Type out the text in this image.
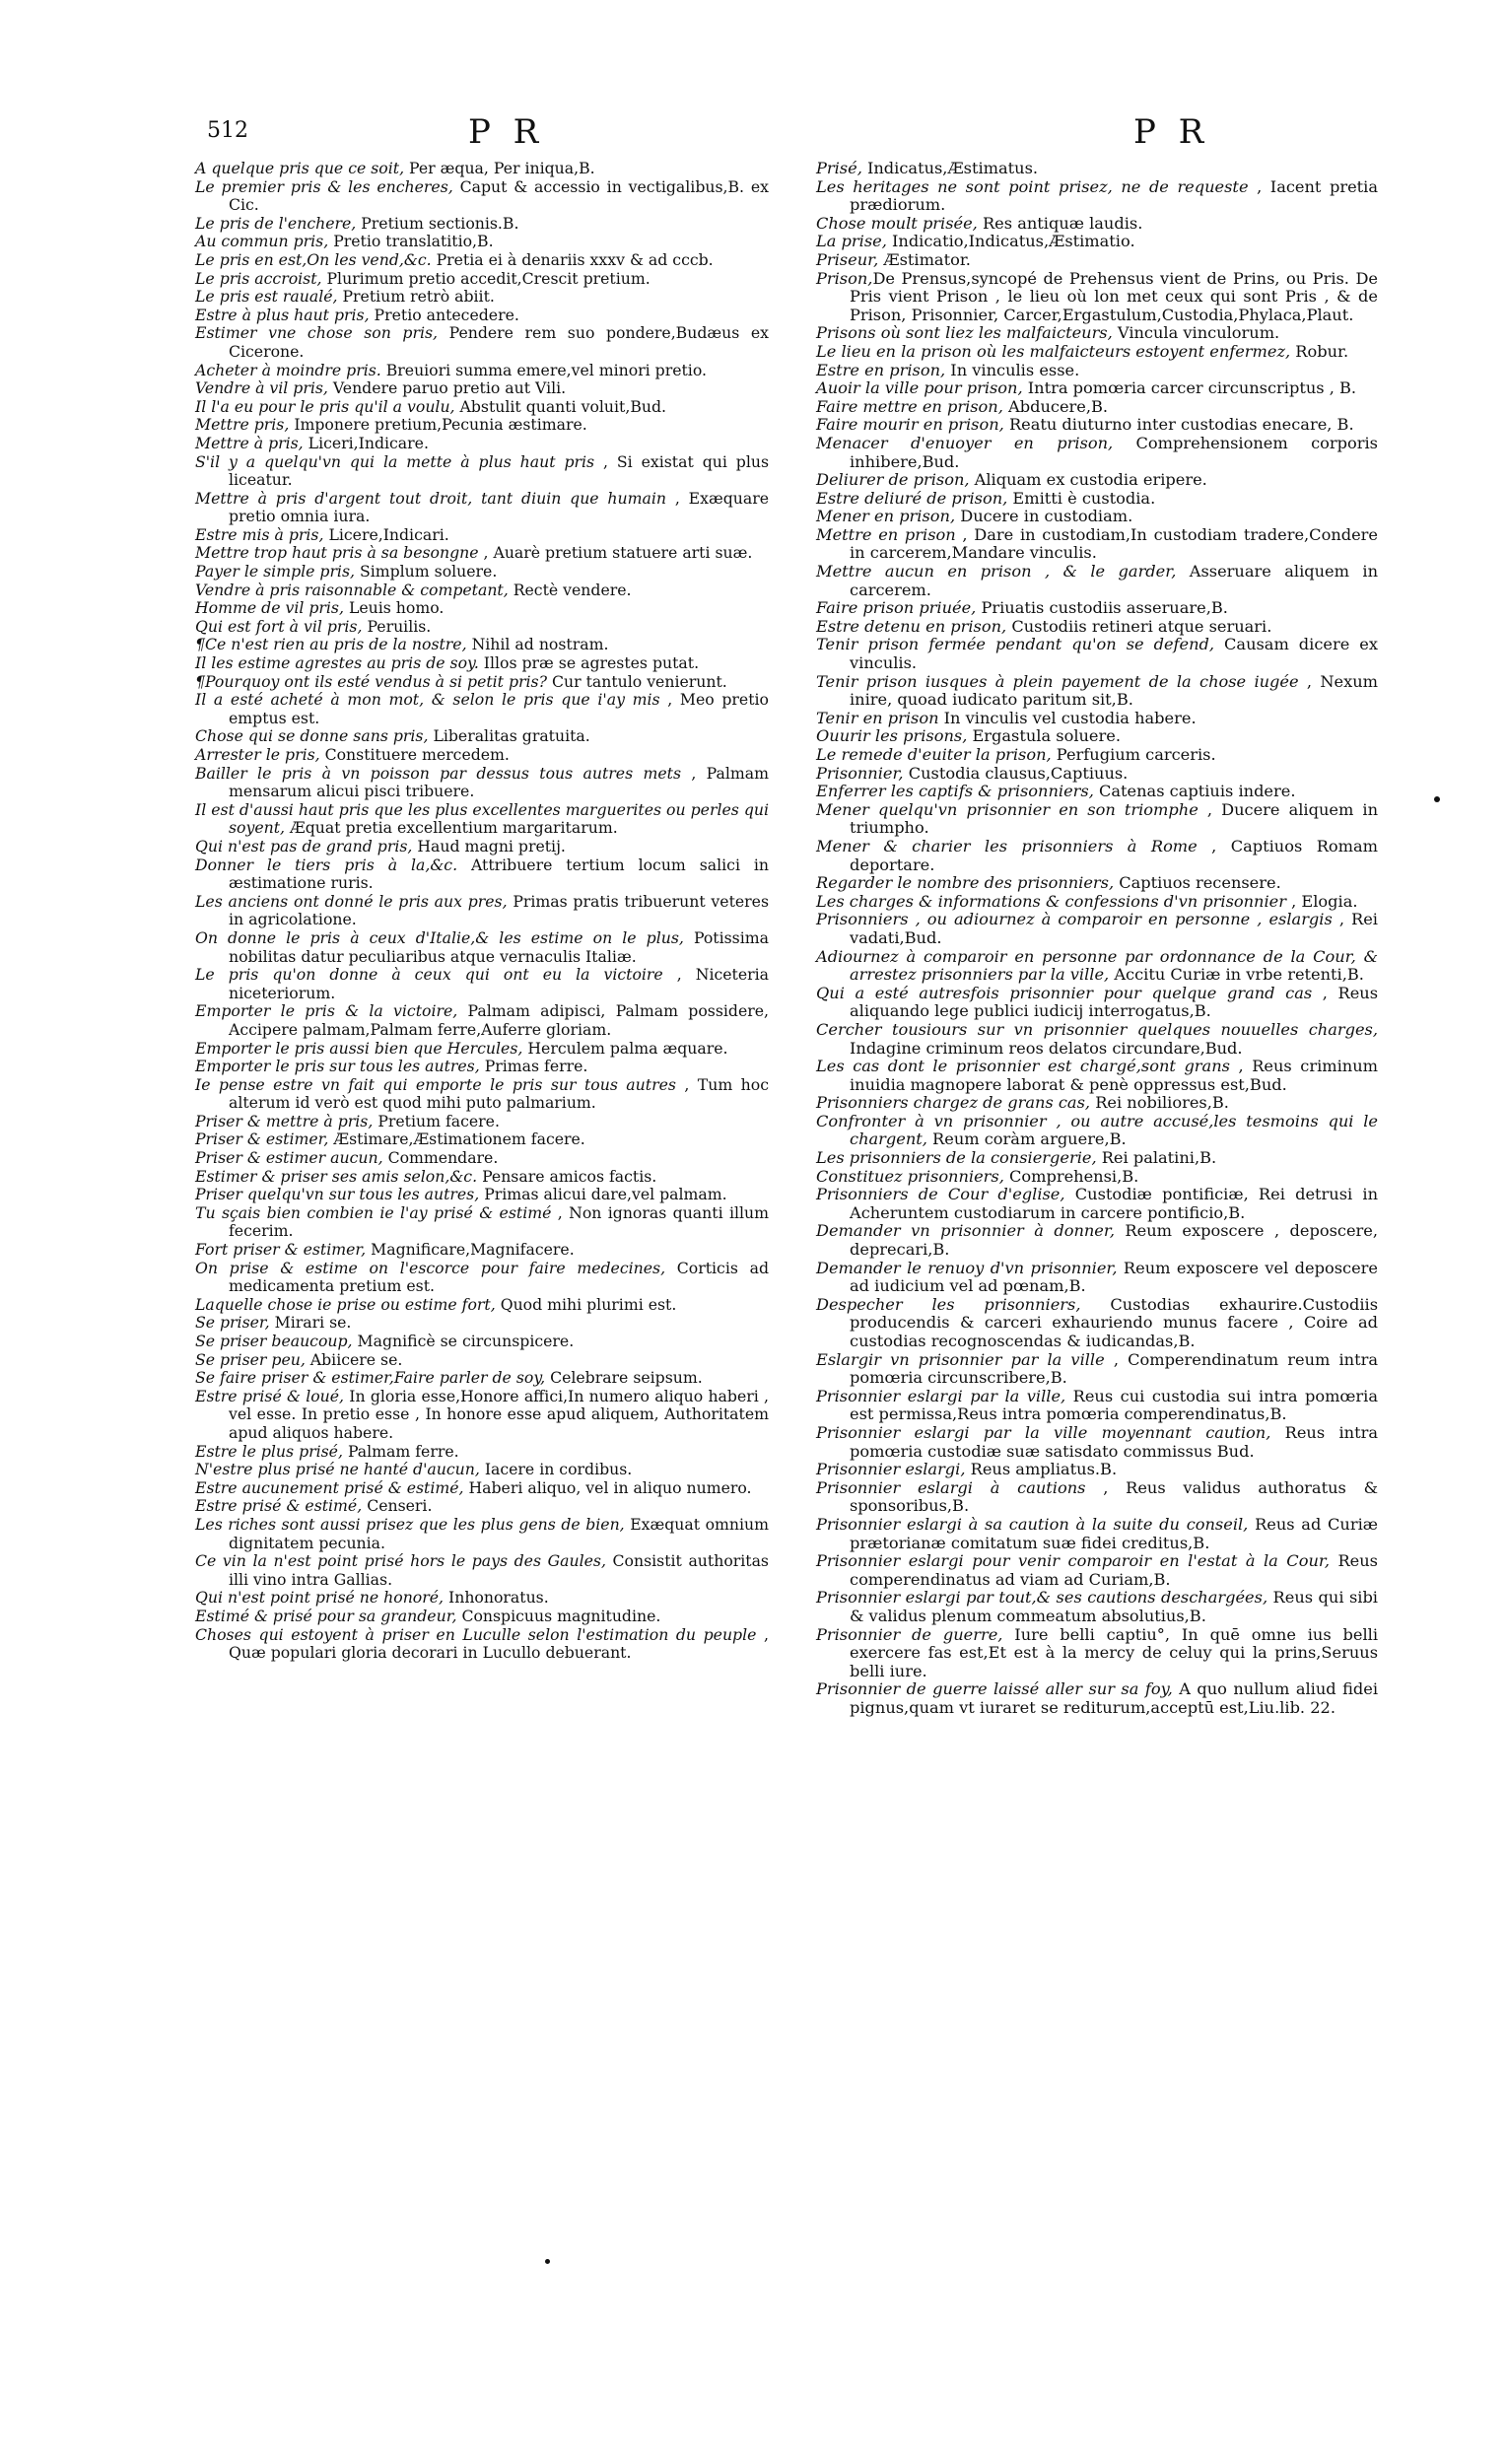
512	P R	P R

A quelque pris que ce soit, Per æqua, Per iniqua,B.

Le premier pris & les encheres, Caput & accessio in vectigalibus,B. ex Cic.

Le pris de l'enchere, Pretium sectionis.B.

Au commun pris, Pretio translatitio,B.

Le pris en est,On les vend,&c. Pretia ei à denariis xxxv & ad cccb.

Le pris accroist, Plurimum pretio accedit,Crescit pretium.

Le pris est raualé, Pretium retrò abiit.

Estre à plus haut pris, Pretio antecedere.

Estimer vne chose son pris, Pendere rem suo pondere,Budæus ex Cicerone.

Acheter à moindre pris. Breuiori summa emere,vel minori pretio.

Vendre à vil pris, Vendere paruo pretio aut Vili.

Il l'a eu pour le pris qu'il a voulu, Abstulit quanti voluit,Bud.

Mettre pris, Imponere pretium,Pecunia æstimare.

Mettre à pris, Liceri,Indicare.

S'il y a quelqu'vn qui la mette à plus haut pris , Si existat qui plus liceatur.

Mettre à pris d'argent tout droit, tant diuin que humain , Exæquare pretio omnia iura.

Estre mis à pris, Licere,Indicari.

Mettre trop haut pris à sa besongne , Auarè pretium statuere arti suæ.

Payer le simple pris, Simplum soluere.

Vendre à pris raisonnable & competant, Rectè vendere.

Homme de vil pris, Leuis homo.

Qui est fort à vil pris, Peruilis.

¶Ce n'est rien au pris de la nostre, Nihil ad nostram.

Il les estime agrestes au pris de soy. Illos præ se agrestes putat.

¶Pourquoy ont ils esté vendus à si petit pris? Cur tantulo venierunt.

Il a esté acheté à mon mot, & selon le pris que i'ay mis , Meo pretio emptus est.

Chose qui se donne sans pris, Liberalitas gratuita.

Arrester le pris, Constituere mercedem.

Bailler le pris à vn poisson par dessus tous autres mets , Palmam mensarum alicui pisci tribuere.

Il est d'aussi haut pris que les plus excellentes marguerites ou perles qui soyent, Æquat pretia excellentium margaritarum.

Qui n'est pas de grand pris, Haud magni pretij.

Donner le tiers pris à la,&c. Attribuere tertium locum salici in æstimatione ruris.

Les anciens ont donné le pris aux pres, Primas pratis tribuerunt veteres in agricolatione.

On donne le pris à ceux d'Italie,& les estime on le plus, Potissima nobilitas datur peculiaribus atque vernaculis Italiæ.

Le pris qu'on donne à ceux qui ont eu la victoire , Niceteria niceteriorum.

Emporter le pris & la victoire, Palmam adipisci, Palmam possidere, Accipere palmam,Palmam ferre,Auferre gloriam.

Emporter le pris aussi bien que Hercules, Herculem palma æquare.

Emporter le pris sur tous les autres, Primas ferre.

Ie pense estre vn fait qui emporte le pris sur tous autres , Tum hoc alterum id verò est quod mihi puto palmarium.

Priser & mettre à pris, Pretium facere.

Priser & estimer, Æstimare,Æstimationem facere.

Priser & estimer aucun, Commendare.

Estimer & priser ses amis selon,&c. Pensare amicos factis.

Priser quelqu'vn sur tous les autres, Primas alicui dare,vel palmam.

Tu sçais bien combien ie l'ay prisé & estimé , Non ignoras quanti illum fecerim.

Fort priser & estimer, Magnificare,Magnifacere.

On prise & estime on l'escorce pour faire medecines, Corticis ad medicamenta pretium est.

Laquelle chose ie prise ou estime fort, Quod mihi plurimi est.

Se priser, Mirari se.

Se priser beaucoup, Magnificè se circunspicere.

Se priser peu, Abiicere se.

Se faire priser & estimer,Faire parler de soy, Celebrare seipsum.

Estre prisé & loué, In gloria esse,Honore affici,In numero aliquo haberi , vel esse. In pretio esse , In honore esse apud aliquem, Authoritatem apud aliquos habere.

Estre le plus prisé, Palmam ferre.

N'estre plus prisé ne hanté d'aucun, Iacere in cordibus.

Estre aucunement prisé & estimé, Haberi aliquo, vel in aliquo numero.

Estre prisé & estimé, Censeri.

Les riches sont aussi prisez que les plus gens de bien, Exæquat omnium dignitatem pecunia.

Ce vin la n'est point prisé hors le pays des Gaules, Consistit authoritas illi vino intra Gallias.

Qui n'est point prisé ne honoré, Inhonoratus.

Estimé & prisé pour sa grandeur, Conspicuus magnitudine.

Choses qui estoyent à priser en Luculle selon l'estimation du peuple , Quæ populari gloria decorari in Lucullo debuerant.

Prisé, Indicatus,Æstimatus.

Les heritages ne sont point prisez, ne de requeste , Iacent pretia prædiorum.

Chose moult prisée, Res antiquæ laudis.

La prise, Indicatio,Indicatus,Æstimatio.

Priseur, Æstimator.

Prison,De Prensus,syncopé de Prehensus vient de Prins, ou Pris. De Pris vient Prison , le lieu où lon met ceux qui sont Pris , & de Prison, Prisonnier, Carcer,Ergastulum,Custodia,Phylaca,Plaut.

Prisons où sont liez les malfaicteurs, Vincula vinculorum.

Le lieu en la prison où les malfaicteurs estoyent enfermez, Robur.

Estre en prison, In vinculis esse.

Auoir la ville pour prison, Intra pomœria carcer circunscriptus , B.

Faire mettre en prison, Abducere,B.

Faire mourir en prison, Reatu diuturno inter custodias enecare, B.

Menacer d'enuoyer en prison, Comprehensionem corporis inhibere,Bud.

Deliurer de prison, Aliquam ex custodia eripere.

Estre deliuré de prison, Emitti è custodia.

Mener en prison, Ducere in custodiam.

Mettre en prison , Dare in custodiam,In custodiam tradere,Condere in carcerem,Mandare vinculis.

Mettre aucun en prison , & le garder, Asseruare aliquem in carcerem.

Faire prison priuée, Priuatis custodiis asseruare,B.

Estre detenu en prison, Custodiis retineri atque seruari.

Tenir prison fermée pendant qu'on se defend, Causam dicere ex vinculis.

Tenir prison iusques à plein payement de la chose iugée , Nexum inire, quoad iudicato paritum sit,B.

Tenir en prison In vinculis vel custodia habere.

Ouurir les prisons, Ergastula soluere.

Le remede d'euiter la prison, Perfugium carceris.

Prisonnier, Custodia clausus,Captiuus.

Enferrer les captifs & prisonniers, Catenas captiuis indere.

Mener quelqu'vn prisonnier en son triomphe , Ducere aliquem in triumpho.

Mener & charier les prisonniers à Rome , Captiuos Romam deportare.

Regarder le nombre des prisonniers, Captiuos recensere.

Les charges & informations & confessions d'vn prisonnier , Elogia.

Prisonniers , ou adiournez à comparoir en personne , eslargis , Rei vadati,Bud.

Adiournez à comparoir en personne par ordonnance de la Cour, & arrestez prisonniers par la ville, Accitu Curiæ in vrbe retenti,B.

Qui a esté autresfois prisonnier pour quelque grand cas , Reus aliquando lege publici iudicij interrogatus,B.

Cercher tousiours sur vn prisonnier quelques nouuelles charges, Indagine criminum reos delatos circundare,Bud.

Les cas dont le prisonnier est chargé,sont grans , Reus criminum inuidia magnopere laborat & penè oppressus est,Bud.

Prisonniers chargez de grans cas, Rei nobiliores,B.

Confronter à vn prisonnier , ou autre accusé,les tesmoins qui le chargent, Reum coràm arguere,B.

Les prisonniers de la consiergerie, Rei palatini,B.

Constituez prisonniers, Comprehensi,B.

Prisonniers de Cour d'eglise, Custodiæ pontificiæ, Rei detrusi in Acheruntem custodiarum in carcere pontificio,B.

Demander vn prisonnier à donner, Reum exposcere , deposcere, deprecari,B.

Demander le renuoy d'vn prisonnier, Reum exposcere vel deposcere ad iudicium vel ad pœnam,B.

Despecher les prisonniers, Custodias exhaurire.Custodiis producendis & carceri exhauriendo munus facere , Coire ad custodias recognoscendas & iudicandas,B.

Eslargir vn prisonnier par la ville , Comperendinatum reum intra pomœria circunscribere,B.

Prisonnier eslargi par la ville, Reus cui custodia sui intra pomœria est permissa,Reus intra pomœria comperendinatus,B.

Prisonnier eslargi par la ville moyennant caution, Reus intra pomœria custodiæ suæ satisdato commissus Bud.

Prisonnier eslargi, Reus ampliatus.B.

Prisonnier eslargi à cautions , Reus validus authoratus & sponsoribus,B.

Prisonnier eslargi à sa caution à la suite du conseil, Reus ad Curiæ prætorianæ comitatum suæ fidei creditus,B.

Prisonnier eslargi pour venir comparoir en l'estat à la Cour, Reus comperendinatus ad viam ad Curiam,B.

Prisonnier eslargi par tout,& ses cautions deschargées, Reus qui sibi & validus plenum commeatum absolutius,B.

Prisonnier de guerre, Iure belli captiu°, In quē omne ius belli exercere fas est,Et est à la mercy de celuy qui la prins,Seruus belli iure.

Prisonnier de guerre laissé aller sur sa foy, A quo nullum aliud fidei pignus,quam vt iuraret se rediturum,acceptū est,Liu.lib. 22.
